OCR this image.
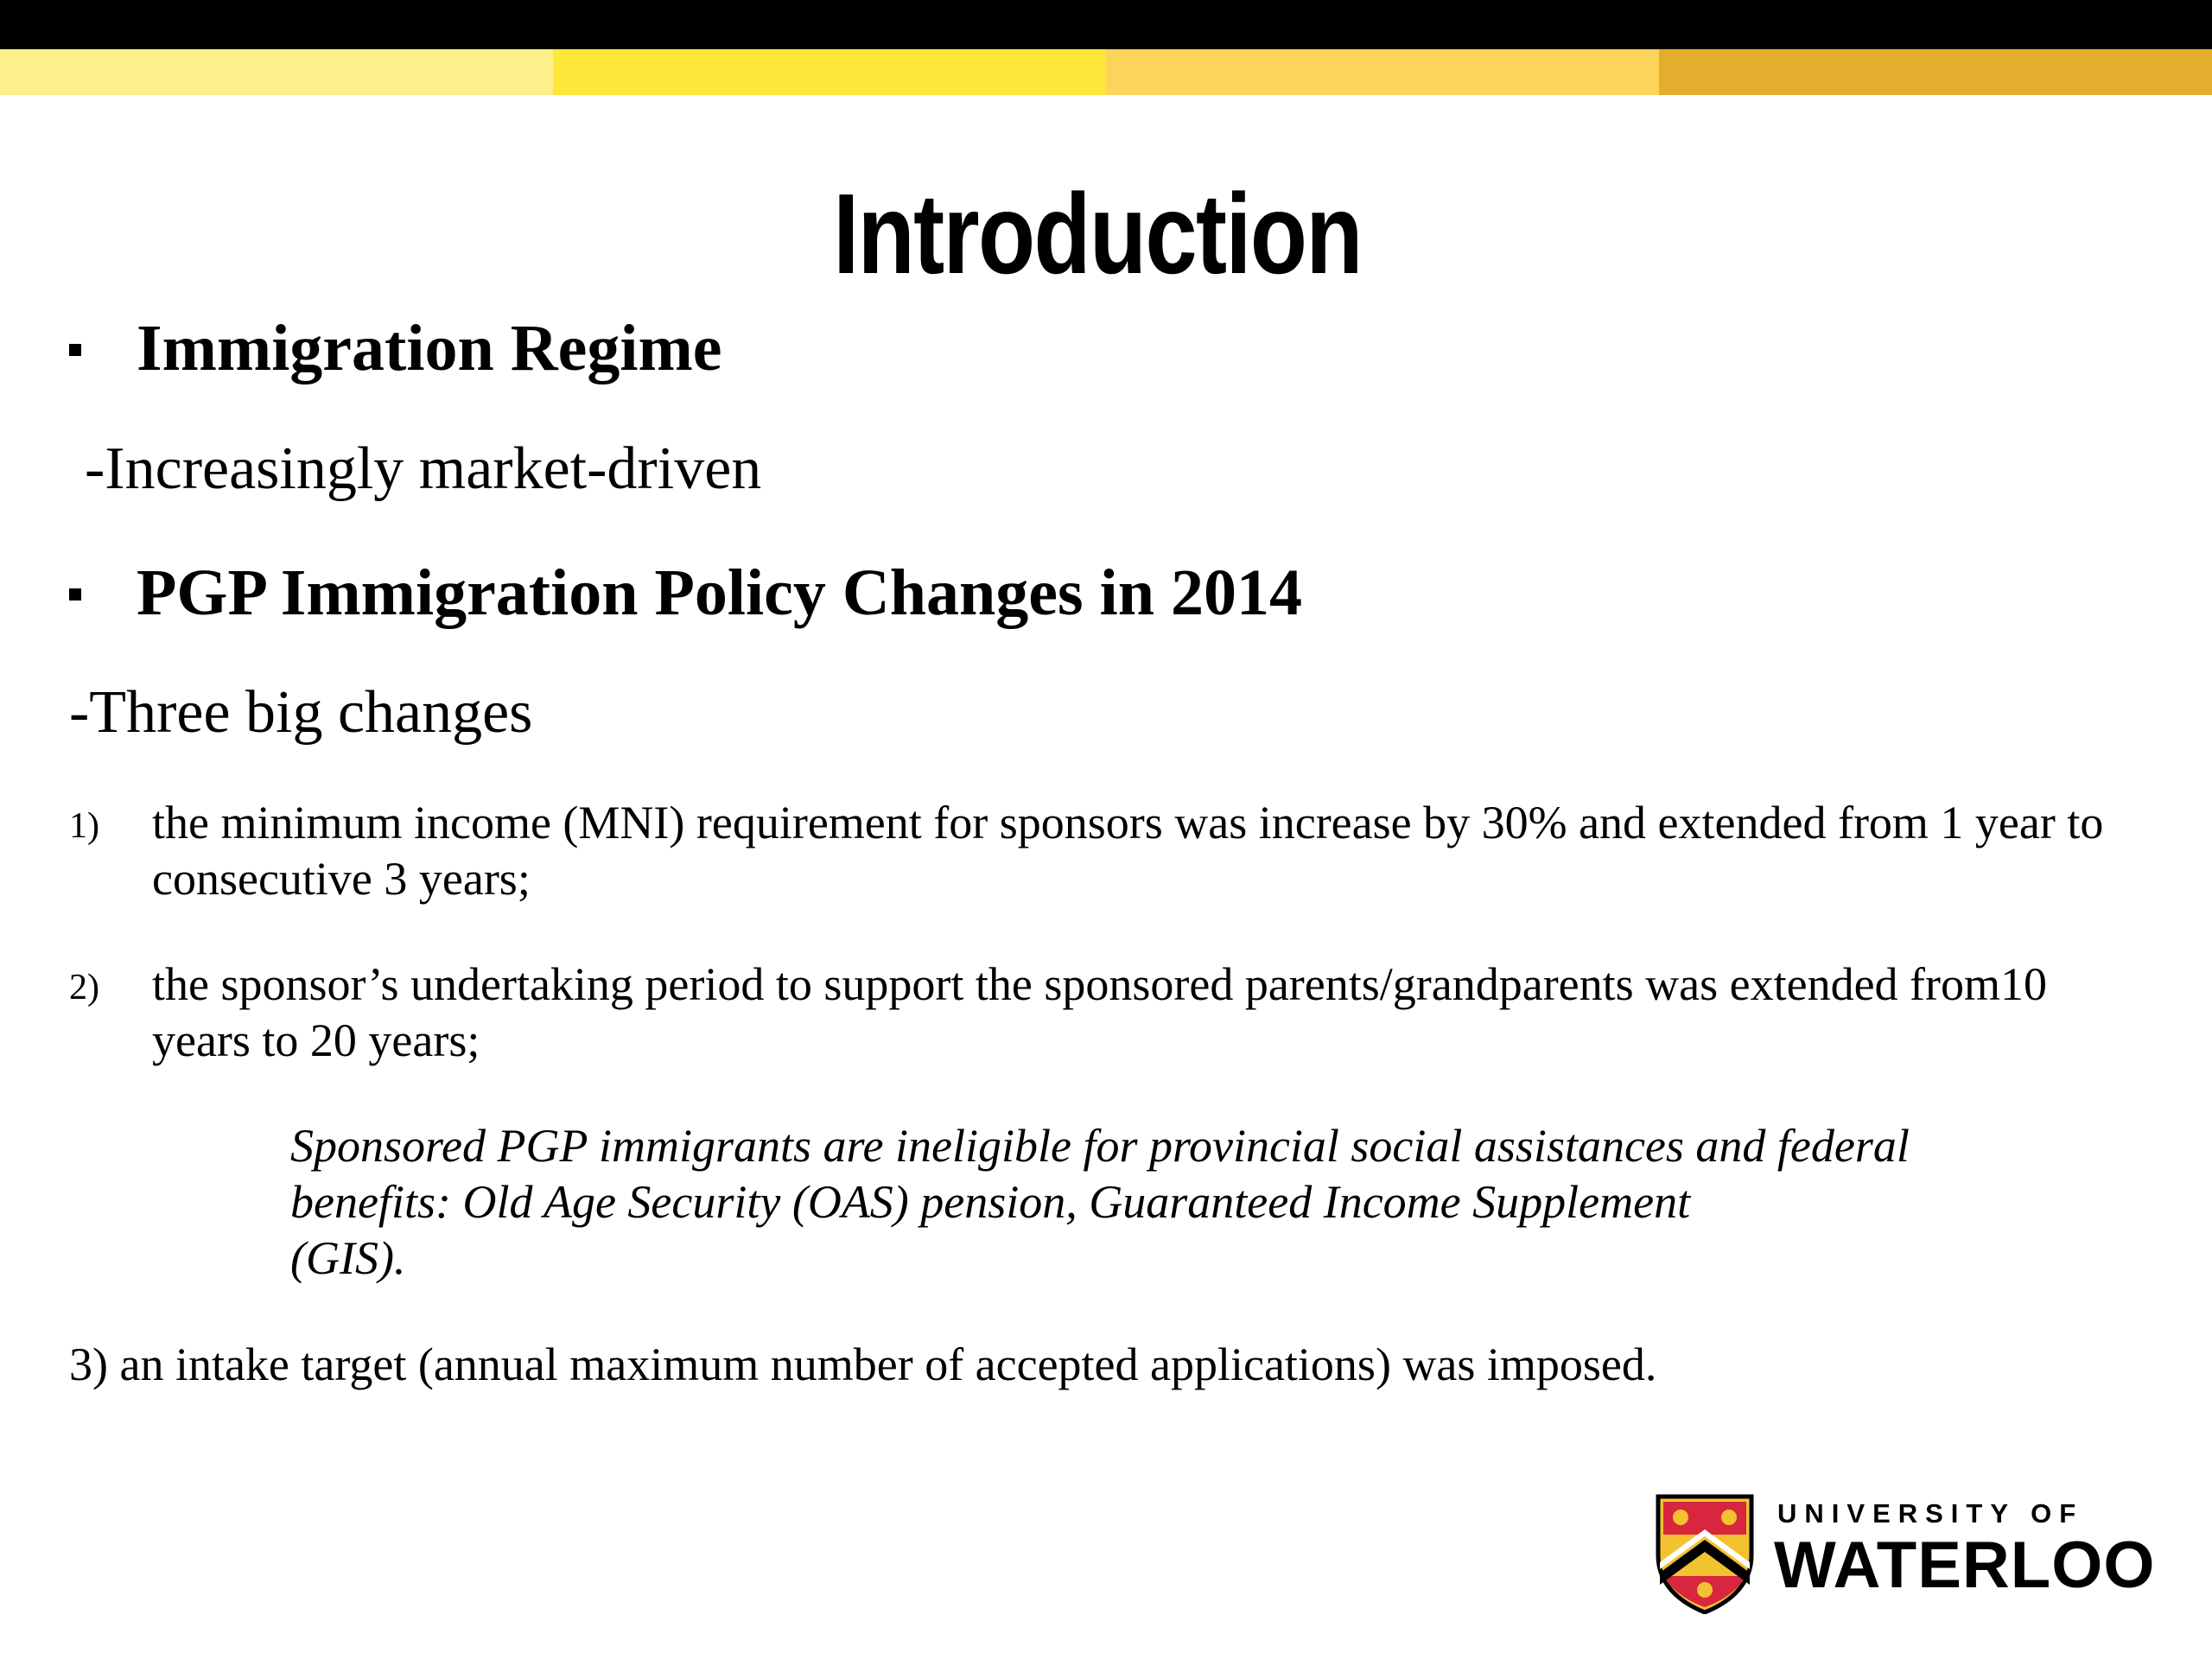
Introduction
Immigration Regime
-Increasingly market-driven
PGP Immigration Policy Changes in 2014
-Three big changes
1) the minimum income (MNI) requirement for sponsors was increase by 30% and extended from 1 year to consecutive 3 years;
2) the sponsor’s undertaking period to support the sponsored parents/grandparents was extended from10 years to 20 years;
Sponsored PGP immigrants are ineligible for provincial social assistances and federal
benefits: Old Age Security (OAS) pension, Guaranteed Income Supplement
(GIS).
3) an intake target (annual maximum number of accepted applications) was imposed.
UNIVERSITY OF
WATERLOO
